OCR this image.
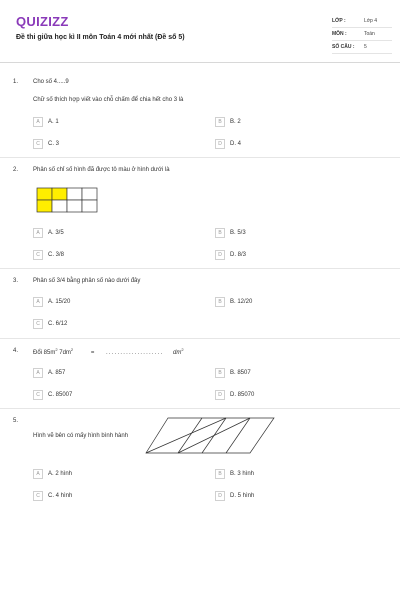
QUIZIZZ
Đề thi giữa học kì II môn Toán 4 mới nhất (Đề số 5)
LỚP :	Lớp 4
MÔN :	Toán
SỐ CÂU : 5
1. Cho số 4.....9
Chữ số thích hợp viết vào chỗ chấm để chia hết cho 3 là
A	A. 1	B	B. 2
C	C. 3	D	D. 4
2. Phân số chỉ số hình đã được tô màu ở hình dưới là
A	A. 3/5	B	B. 5/3
C	C. 3/8	D	D. 8/3
3. Phân số 3/4 bằng phân số nào dưới đây
A	A. 15/20	B	B. 12/20
C	C. 6/12
4. Đổi $85m^2$ $7dm^2$ = .................... $dm^2$
A	A. 857	B	B. 8507
C	C. 85007	D	D. 85070
5.
Hình vẽ bên có mấy hình bình hành
A	A. 2 hình	B	B. 3 hình
C	C. 4 hình	D	D. 5 hình
